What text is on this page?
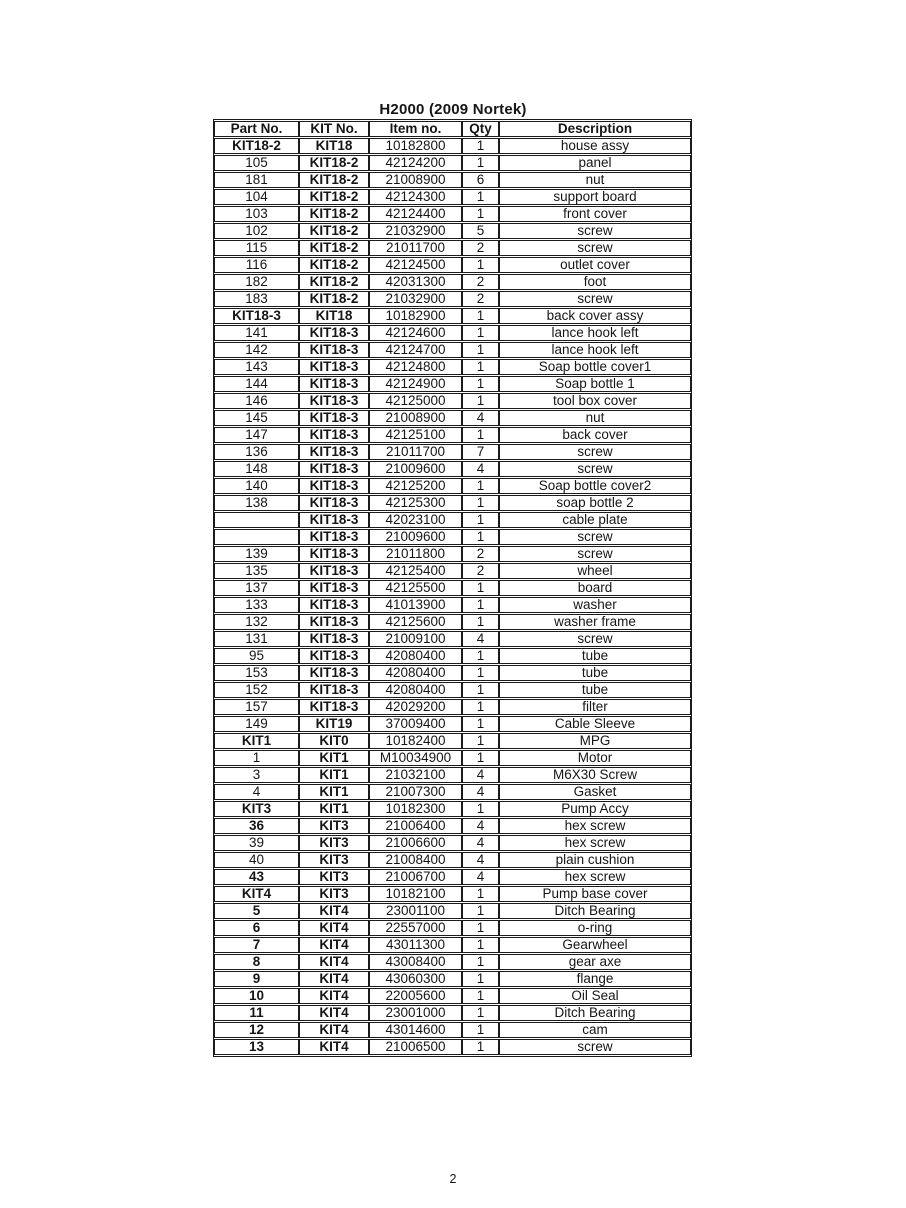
H2000 (2009 Nortek)
Part No.	KIT No.	Item no.	Qty	Description
KIT18-2	KIT18	10182800	1	house assy
105	KIT18-2	42124200	1	panel
181	KIT18-2	21008900	6	nut
104	KIT18-2	42124300	1	support board
103	KIT18-2	42124400	1	front cover
102	KIT18-2	21032900	5	screw
115	KIT18-2	21011700	2	screw
116	KIT18-2	42124500	1	outlet cover
182	KIT18-2	42031300	2	foot
183	KIT18-2	21032900	2	screw
KIT18-3	KIT18	10182900	1	back cover assy
141	KIT18-3	42124600	1	lance hook left
142	KIT18-3	42124700	1	lance hook left
143	KIT18-3	42124800	1	Soap bottle cover1
144	KIT18-3	42124900	1	Soap bottle 1
146	KIT18-3	42125000	1	tool box cover
145	KIT18-3	21008900	4	nut
147	KIT18-3	42125100	1	back cover
136	KIT18-3	21011700	7	screw
148	KIT18-3	21009600	4	screw
140	KIT18-3	42125200	1	Soap bottle cover2
138	KIT18-3	42125300	1	soap bottle 2
	KIT18-3	42023100	1	cable plate
	KIT18-3	21009600	1	screw
139	KIT18-3	21011800	2	screw
135	KIT18-3	42125400	2	wheel
137	KIT18-3	42125500	1	board
133	KIT18-3	41013900	1	washer
132	KIT18-3	42125600	1	washer frame
131	KIT18-3	21009100	4	screw
95	KIT18-3	42080400	1	tube
153	KIT18-3	42080400	1	tube
152	KIT18-3	42080400	1	tube
157	KIT18-3	42029200	1	filter
149	KIT19	37009400	1	Cable Sleeve
KIT1	KIT0	10182400	1	MPG
1	KIT1	M10034900	1	Motor
3	KIT1	21032100	4	M6X30 Screw
4	KIT1	21007300	4	Gasket
KIT3	KIT1	10182300	1	Pump Accy
36	KIT3	21006400	4	hex screw
39	KIT3	21006600	4	hex screw
40	KIT3	21008400	4	plain cushion
43	KIT3	21006700	4	hex screw
KIT4	KIT3	10182100	1	Pump base cover
5	KIT4	23001100	1	Ditch Bearing
6	KIT4	22557000	1	o-ring
7	KIT4	43011300	1	Gearwheel
8	KIT4	43008400	1	gear axe
9	KIT4	43060300	1	flange
10	KIT4	22005600	1	Oil Seal
11	KIT4	23001000	1	Ditch Bearing
12	KIT4	43014600	1	cam
13	KIT4	21006500	1	screw
2
